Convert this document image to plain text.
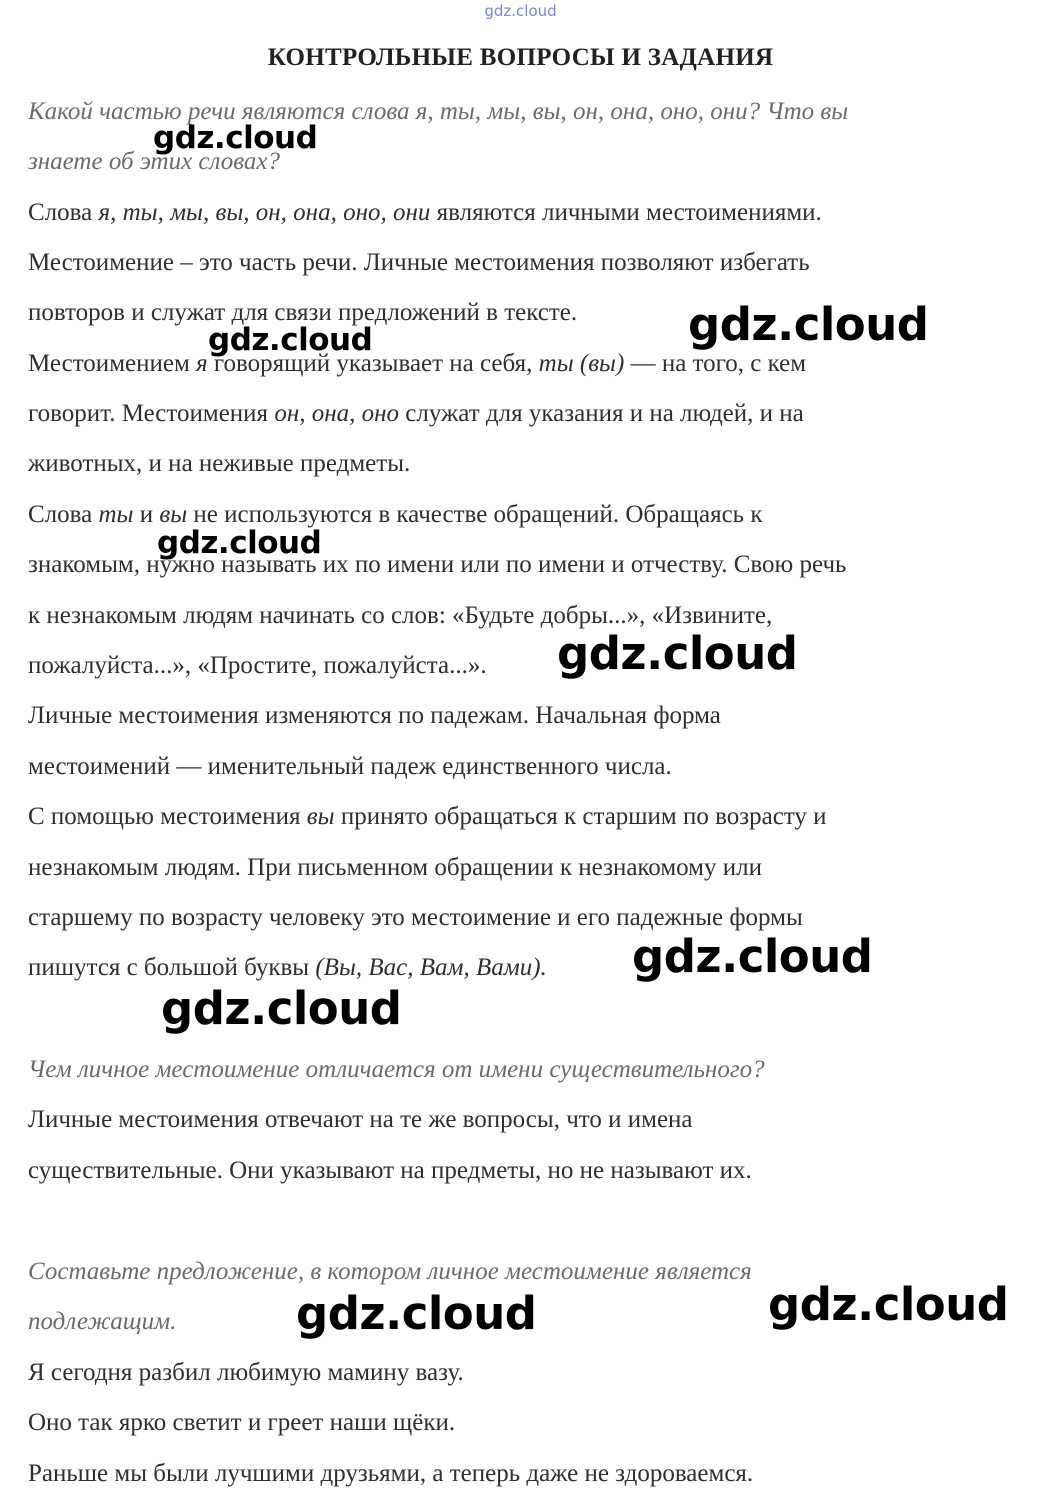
gdz.cloud
КОНТРОЛЬНЫЕ ВОПРОСЫ И ЗАДАНИЯ
Какой частью речи являются слова я, ты, мы, вы, он, она, оно, они? Что вы
знаете об этих словах?
Слова я, ты, мы, вы, он, она, оно, они являются личными местоимениями.
Местоимение – это часть речи. Личные местоимения позволяют избегать
повторов и служат для связи предложений в тексте.
Местоимением я говорящий указывает на себя, ты (вы) — на того, с кем
говорит. Местоимения он, она, оно служат для указания и на людей, и на
животных, и на неживые предметы.
Слова ты и вы не используются в качестве обращений. Обращаясь к
знакомым, нужно называть их по имени или по имени и отчеству. Свою речь
к незнакомым людям начинать со слов: «Будьте добры...», «Извините,
пожалуйста...», «Простите, пожалуйста...».
Личные местоимения изменяются по падежам. Начальная форма
местоимений — именительный падеж единственного числа.
С помощью местоимения вы принято обращаться к старшим по возрасту и
незнакомым людям. При письменном обращении к незнакомому или
старшему по возрасту человеку это местоимение и его падежные формы
пишутся с большой буквы (Вы, Вас, Вам, Вами).
Чем личное местоимение отличается от имени существительного?
Личные местоимения отвечают на те же вопросы, что и имена
существительные. Они указывают на предметы, но не называют их.
Составьте предложение, в котором личное местоимение является
подлежащим.
Я сегодня разбил любимую мамину вазу.
Оно так ярко светит и греет наши щёки.
Раньше мы были лучшими друзьями, а теперь даже не здороваемся.
gdz.cloud
gdz.cloud
gdz.cloud
gdz.cloud
gdz.cloud
gdz.cloud
gdz.cloud
gdz.cloud	gdz.cloud
